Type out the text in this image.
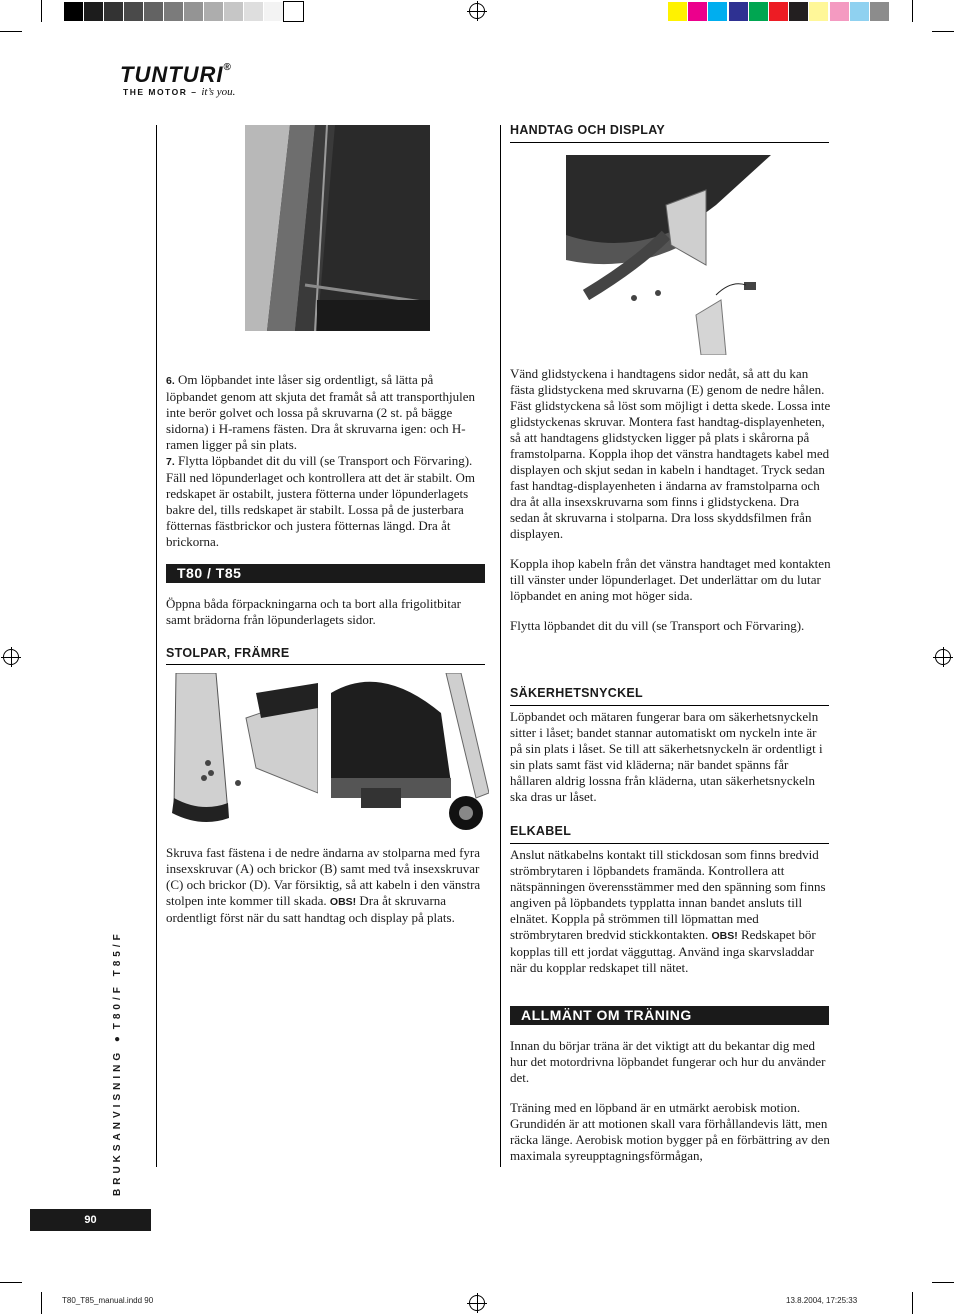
TUNTURI®
THE MOTOR – it’s you.
6. Om löpbandet inte låser sig ordentligt, så lätta på löpbandet genom att skjuta det framåt så att transporthjulen inte berör golvet och lossa på skruvarna (2 st. på bägge sidorna) i H-ramens fästen. Dra åt skruvarna igen: och H-ramen ligger på sin plats.
7. Flytta löpbandet dit du vill (se Transport och Förvaring). Fäll ned löpunderlaget och kontrollera att det är stabilt. Om redskapet är ostabilt, justera fötterna under löpunderlagets bakre del, tills redskapet är stabilt. Lossa på de justerbara fötternas fästbrickor och justera fötternas längd. Dra åt brickorna.
T80 / T85
Öppna båda förpackningarna och ta bort alla frigolitbitar samt brädorna från löpunderlagets sidor.
STOLPAR, FRÄMRE
Skruva fast fästena i de nedre ändarna av stolparna med fyra insexskruvar (A) och brickor (B) samt med två insexskruvar (C) och brickor (D). Var försiktig, så att kabeln i den vänstra stolpen inte kommer till skada. OBS! Dra åt skruvarna ordentligt först när du satt handtag och display på plats.
HANDTAG OCH DISPLAY

Vänd glidstyckena i handtagens sidor nedåt, så att du kan fästa glidstyckena med skruvarna (E) genom de nedre hålen. Fäst glidstyckena så löst som möjligt i detta skede. Lossa inte glidstyckenas skruvar. Montera fast handtag-displayenheten, så att handtagens glidstycken ligger på plats i skårorna på framstolparna. Koppla ihop det vänstra handtagets kabel med displayen och skjut sedan in kabeln i handtaget. Tryck sedan fast handtag-displayenheten i ändarna av framstolparna och dra åt alla insexskruvarna som finns i glidstyckena. Dra sedan åt skruvarna i stolparna. Dra loss skyddsfilmen från displayen.

Koppla ihop kabeln från det vänstra handtaget med kontakten till vänster under löpunderlaget. Det underlättar om du lutar löpbandet en aning mot höger sida.

Flytta löpbandet dit du vill (se Transport och Förvaring).

SÄKERHETSNYCKEL
Löpbandet och mätaren fungerar bara om säkerhetsnyckeln sitter i låset; bandet stannar automatiskt om nyckeln inte är på sin plats i låset. Se till att säkerhetsnyckeln är ordentligt i sin plats samt fäst vid kläderna; när bandet spänns får hållaren aldrig lossna från kläderna, utan säkerhetsnyckeln ska dras ur låset.
ELKABEL
Anslut nätkabelns kontakt till stickdosan som finns bredvid strömbrytaren i löpbandets framända. Kontrollera att nätspänningen överensstämmer med den spänning som finns angiven på löpbandets typplatta innan bandet ansluts till elnätet. Koppla på strömmen till löpmattan med strömbrytaren bredvid stickkontakten. OBS! Redskapet bör kopplas till ett jordat vägguttag. Använd inga skarvsladdar när du kopplar redskapet till nätet.
ALLMÄNT OM TRÄNING

Innan du börjar träna är det viktigt att du bekantar dig med hur det motordrivna löpbandet fungerar och hur du använder det.

Träning med en löpband är en utmärkt aerobisk motion. Grundidén är att motionen skall vara förhållandevis lätt, men räcka länge. Aerobisk motion bygger på en förbättring av den maximala syreupptagningsförmågan,

BRUKSANVISNING ● T80/F T85/F
90
T80_T85_manual.indd 90	13.8.2004, 17:25:33
